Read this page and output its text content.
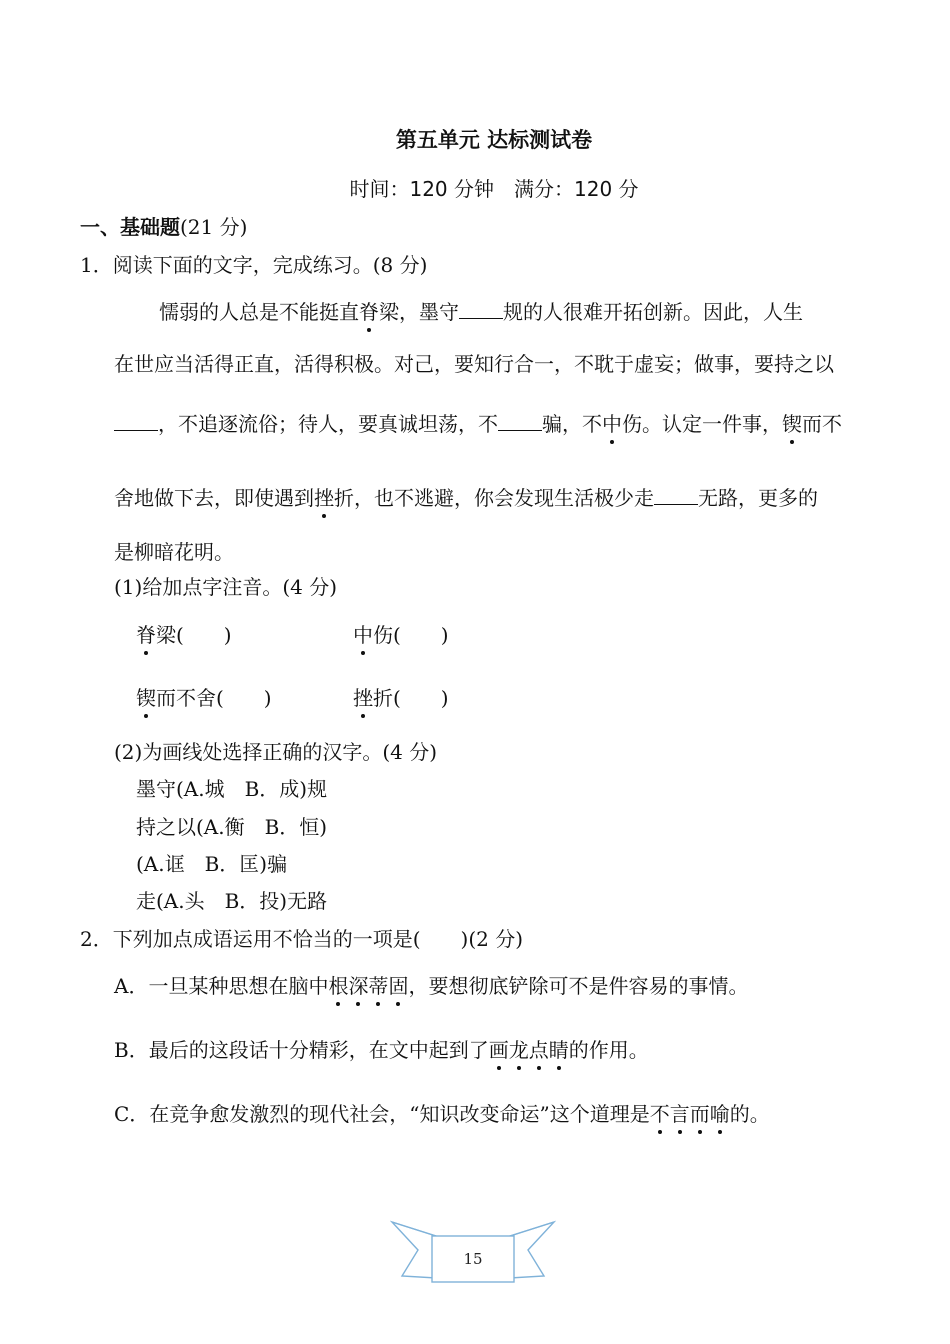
第五单元 达标测试卷
时间：120 分钟　满分：120 分
一、基础题(21 分)
1．阅读下面的文字，完成练习。(8 分)
懦弱的人总是不能挺直脊梁，墨守 规的人很难开拓创新。因此，人生
在世应当活得正直，活得积极。对己，要知行合一，不耽于虚妄；做事，要持之以
，不追逐流俗；待人，要真诚坦荡，不 骗，不中伤。认定一件事，锲而不
舍地做下去，即使遇到挫折，也不逃避，你会发现生活极少走 无路，更多的
是柳暗花明。
(1)给加点字注音。(4 分)
脊梁(　　)	中伤(　　)
锲而不舍(　　)	挫折(　　)
(2)为画线处选择正确的汉字。(4 分)
墨守(A.城　B．成)规
持之以(A.衡　B．恒)
(A.诓　B．匡)骗
走(A.头　B．投)无路
2．下列加点成语运用不恰当的一项是(　　)(2 分)
A．一旦某种思想在脑中根深蒂固，要想彻底铲除可不是件容易的事情。
B．最后的这段话十分精彩，在文中起到了画龙点睛的作用。
C．在竞争愈发激烈的现代社会，“知识改变命运”这个道理是不言而喻的。
15
